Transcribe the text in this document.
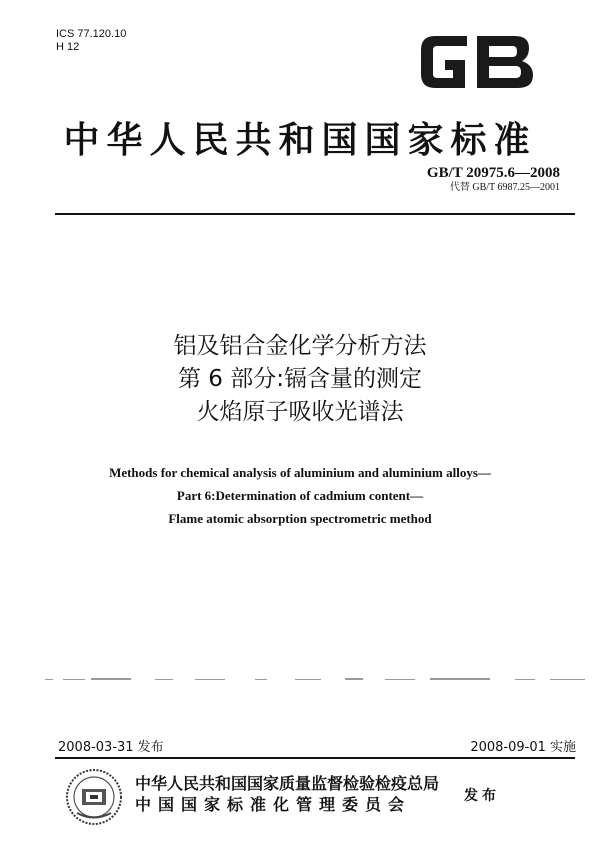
ICS 77.120.10
H 12
GB
中华人民共和国国家标准
GB/T 20975.6—2008
代替 GB/T 6987.25—2001
铝及铝合金化学分析方法
第 6 部分:镉含量的测定
火焰原子吸收光谱法
Methods for chemical analysis of aluminium and aluminium alloys—
Part 6:Determination of cadmium content—
Flame atomic absorption spectrometric method
2008-03-31 发布	2008-09-01 实施
中华人民共和国国家质量监督检验检疫总局
中国国家标准化管理委员会	发布
